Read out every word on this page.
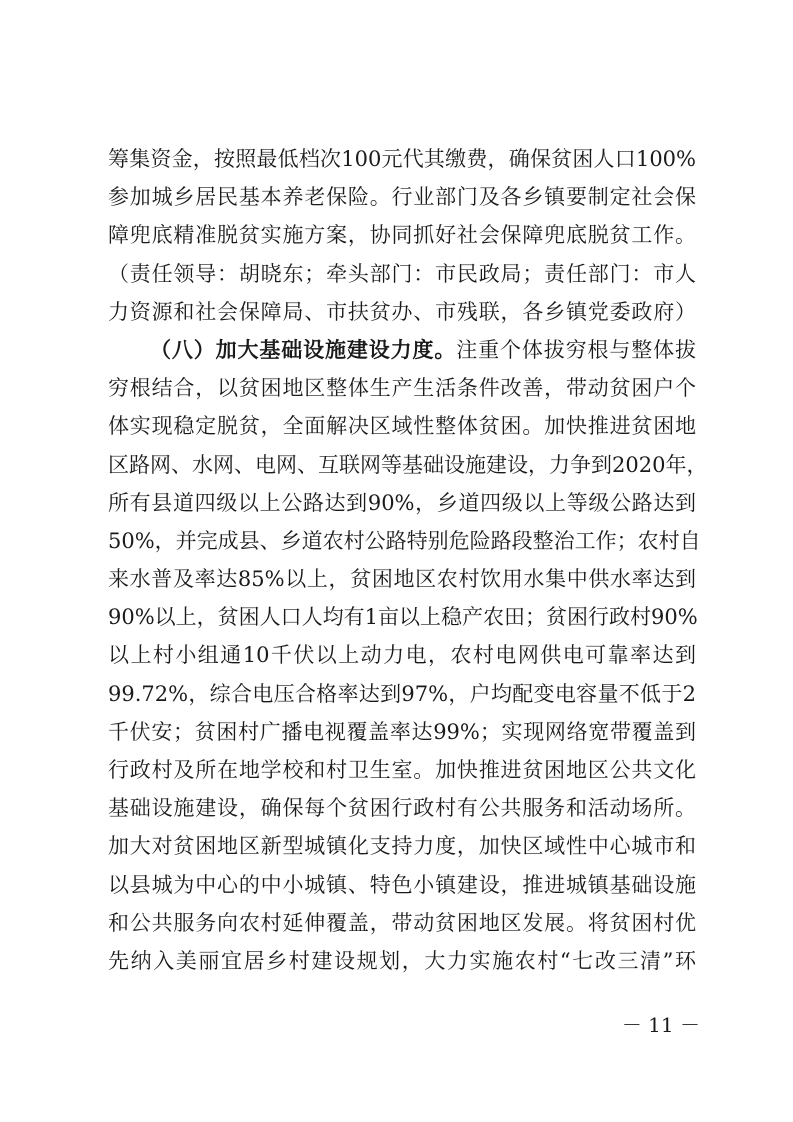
筹集资金，按照最低档次100元代其缴费，确保贫困人口100%
参加城乡居民基本养老保险。行业部门及各乡镇要制定社会保
障兜底精准脱贫实施方案，协同抓好社会保障兜底脱贫工作。
（责任领导：胡晓东；牵头部门：市民政局；责任部门：市人
力资源和社会保障局、市扶贫办、市残联，各乡镇党委政府）
（八）加大基础设施建设力度。注重个体拔穷根与整体拔
穷根结合，以贫困地区整体生产生活条件改善，带动贫困户个
体实现稳定脱贫，全面解决区域性整体贫困。加快推进贫困地
区路网、水网、电网、互联网等基础设施建设，力争到2020年，
所有县道四级以上公路达到90%，乡道四级以上等级公路达到
50%，并完成县、乡道农村公路特别危险路段整治工作；农村自
来水普及率达85%以上，贫困地区农村饮用水集中供水率达到
90%以上，贫困人口人均有1亩以上稳产农田；贫困行政村90%
以上村小组通10千伏以上动力电，农村电网供电可靠率达到
99.72%，综合电压合格率达到97%，户均配变电容量不低于2
千伏安；贫困村广播电视覆盖率达99%；实现网络宽带覆盖到
行政村及所在地学校和村卫生室。加快推进贫困地区公共文化
基础设施建设，确保每个贫困行政村有公共服务和活动场所。
加大对贫困地区新型城镇化支持力度，加快区域性中心城市和
以县城为中心的中小城镇、特色小镇建设，推进城镇基础设施
和公共服务向农村延伸覆盖，带动贫困地区发展。将贫困村优
先纳入美丽宜居乡村建设规划，大力实施农村“七改三清”环
－ 11 －
